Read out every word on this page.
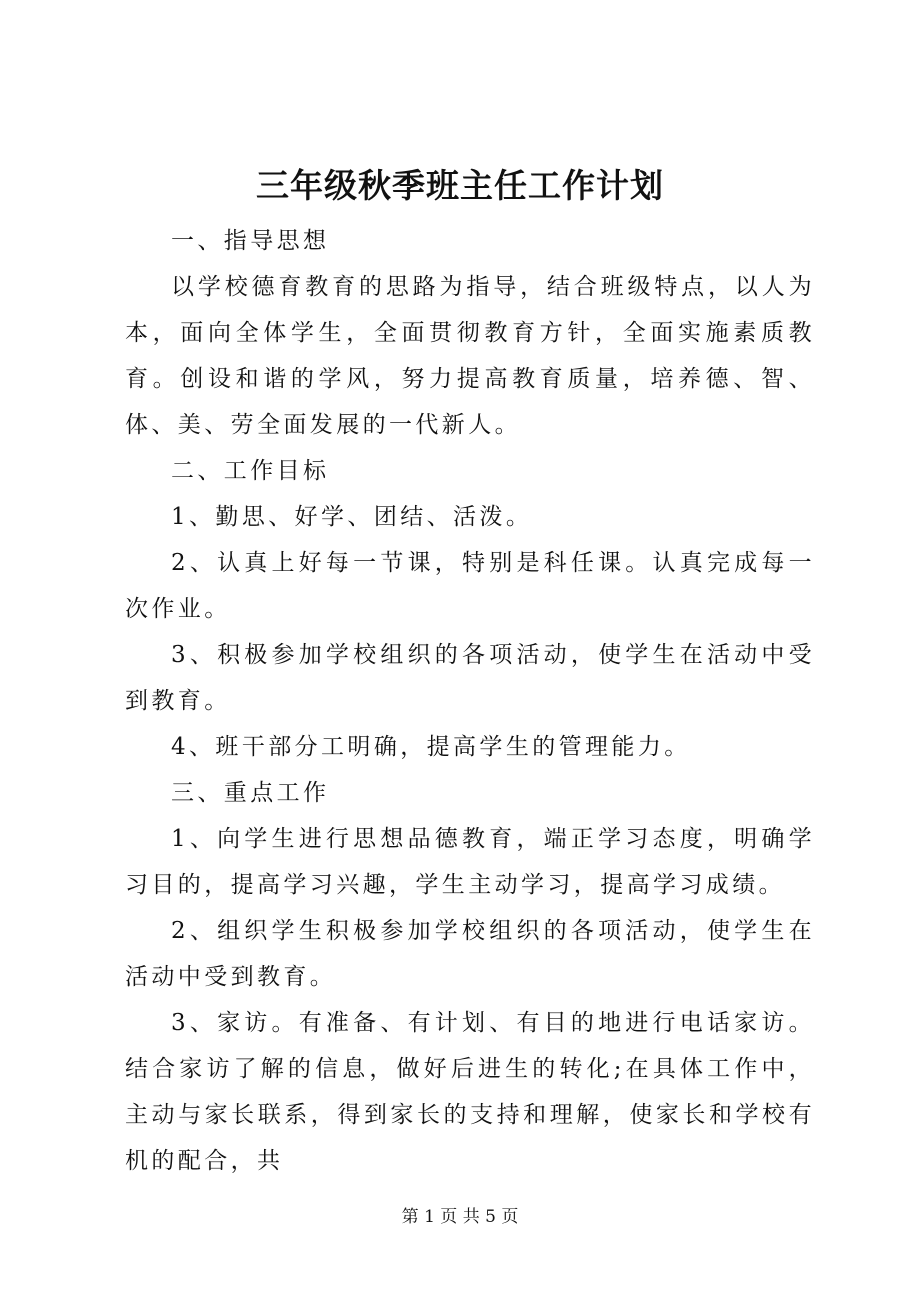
三年级秋季班主任工作计划

一、指导思想

以学校德育教育的思路为指导，结合班级特点，以人为本，面向全体学生，全面贯彻教育方针，全面实施素质教育。创设和谐的学风，努力提高教育质量，培养德、智、体、美、劳全面发展的一代新人。

二、工作目标

1、勤思、好学、团结、活泼。

2、认真上好每一节课，特别是科任课。认真完成每一次作业。

3、积极参加学校组织的各项活动，使学生在活动中受到教育。

4、班干部分工明确，提高学生的管理能力。

三、重点工作

1、向学生进行思想品德教育，端正学习态度，明确学习目的，提高学习兴趣，学生主动学习，提高学习成绩。

2、组织学生积极参加学校组织的各项活动，使学生在活动中受到教育。

3、家访。有准备、有计划、有目的地进行电话家访。结合家访了解的信息，做好后进生的转化;在具体工作中，主动与家长联系，得到家长的支持和理解，使家长和学校有机的配合，共

第 1 页 共 5 页
